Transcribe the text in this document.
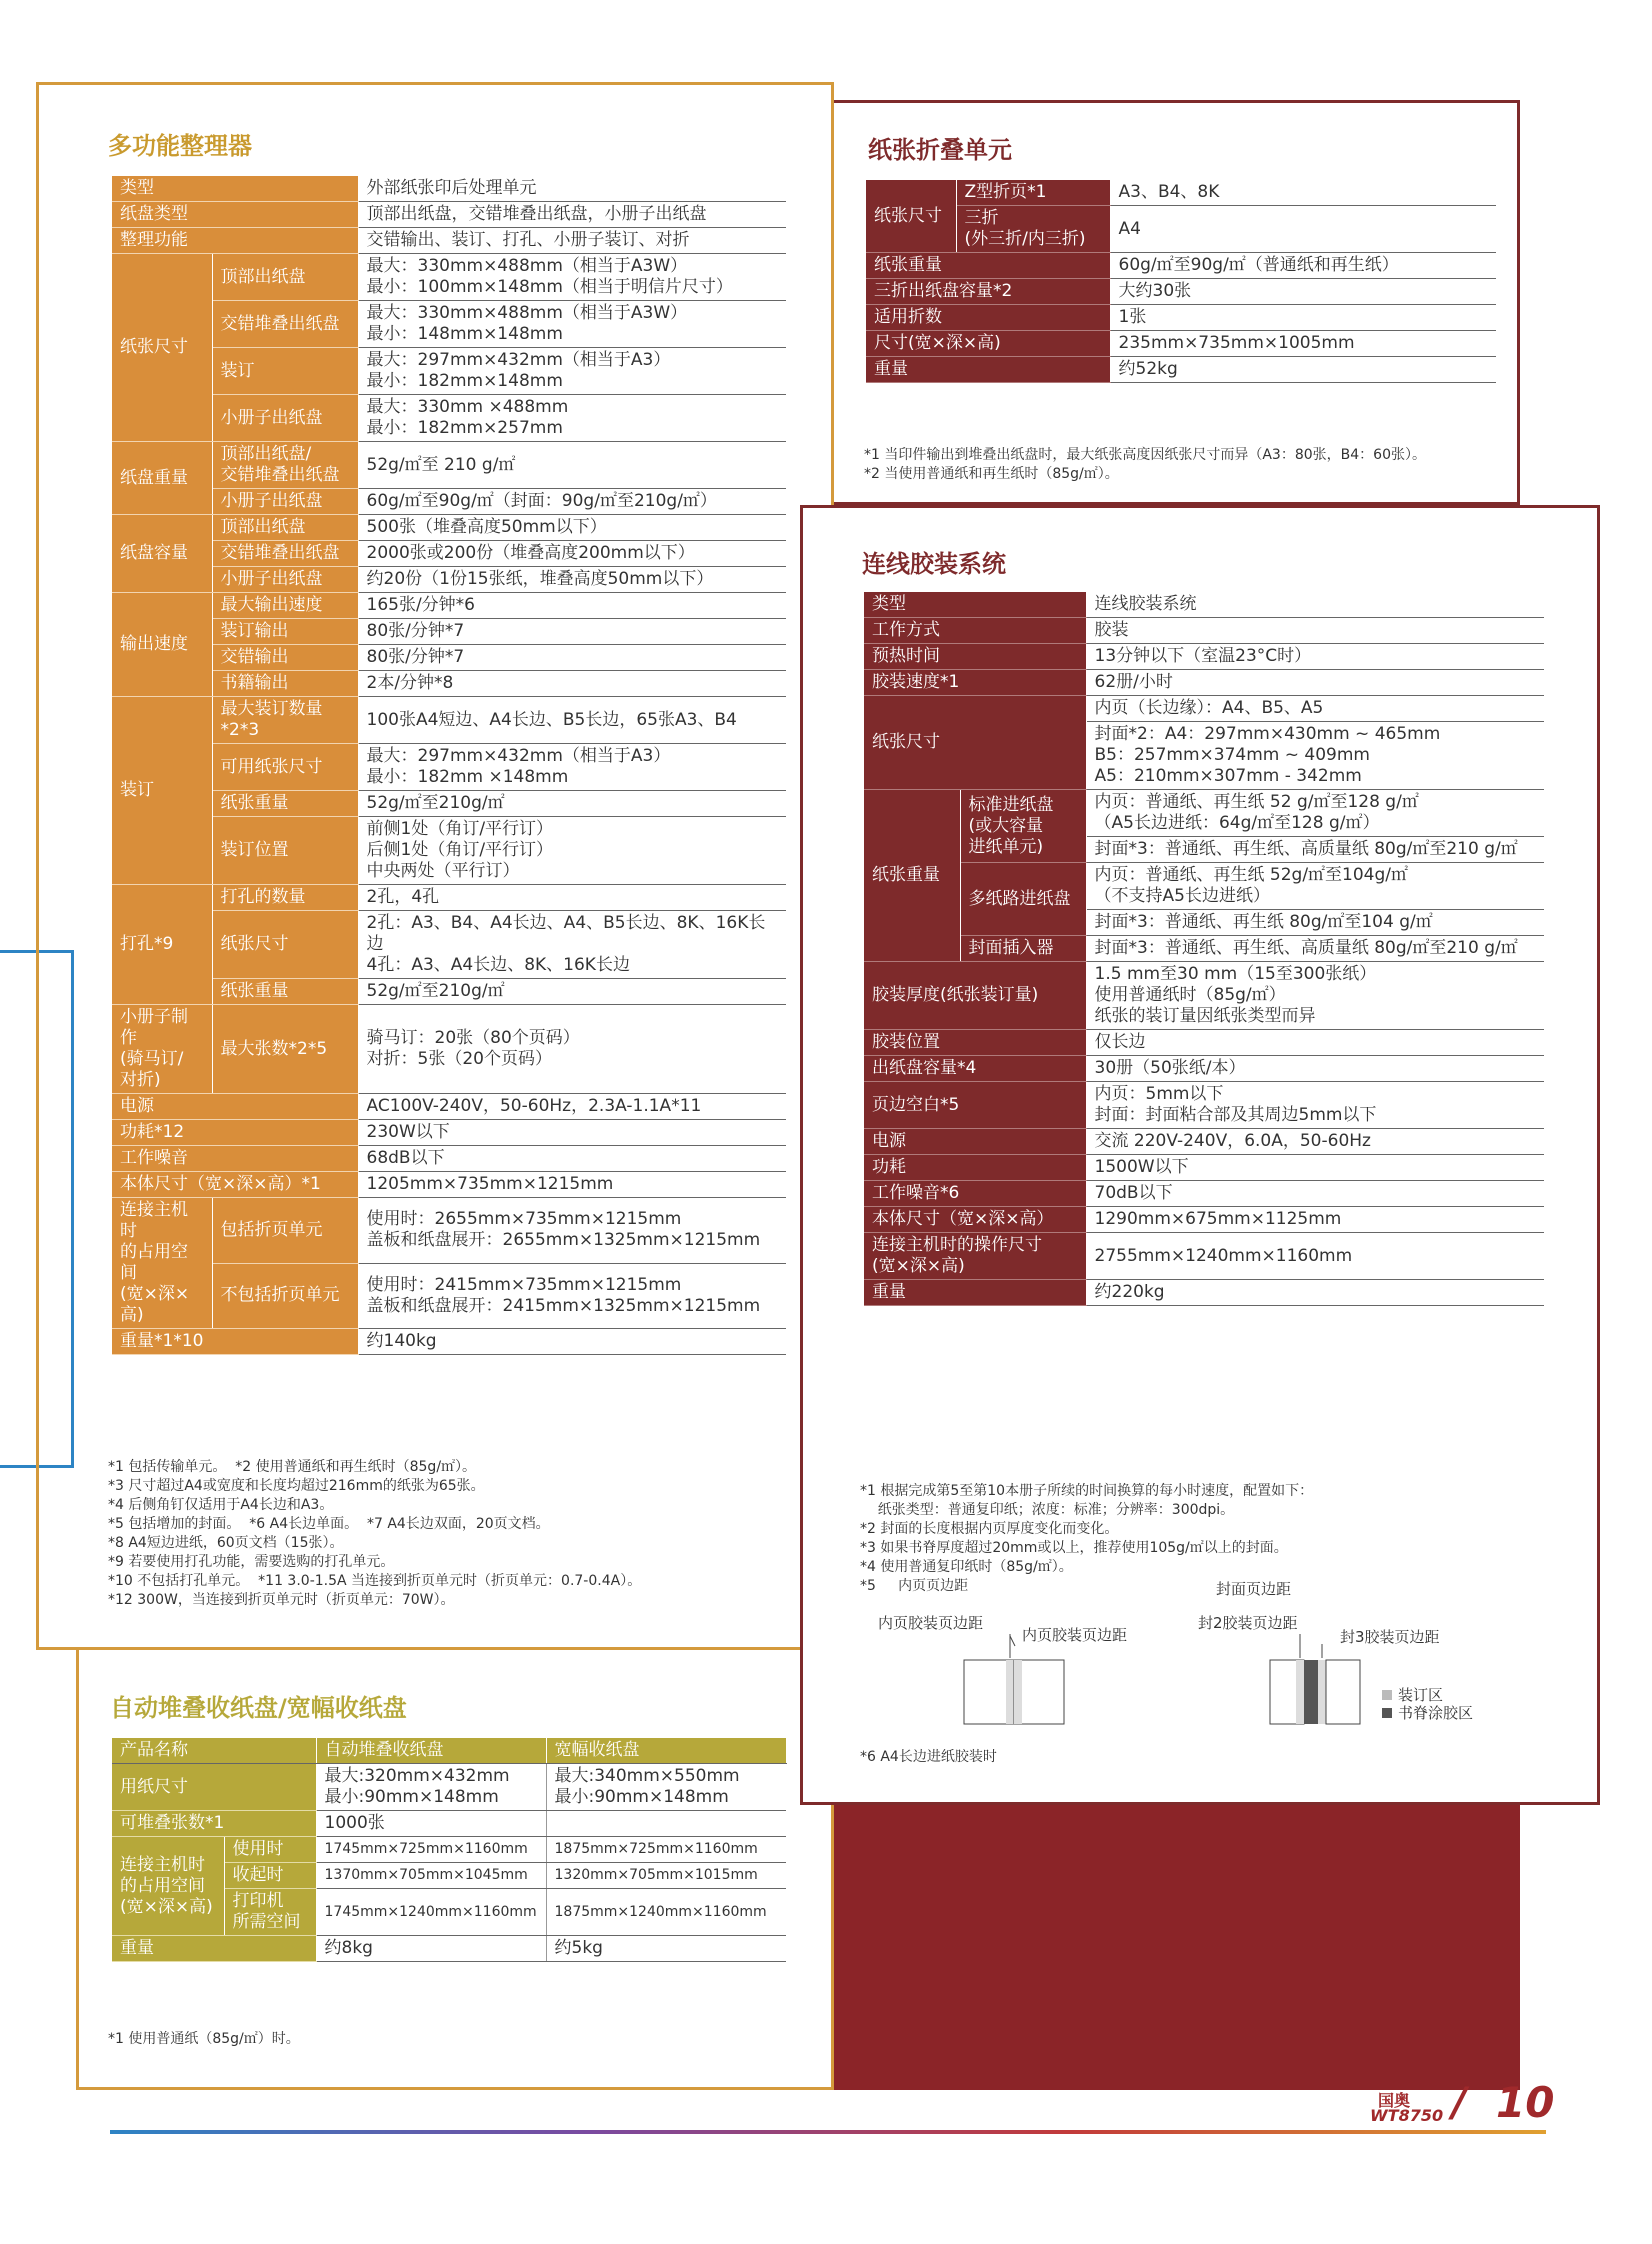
多功能整理器
类型		外部纸张印后处理单元
纸盘类型		顶部出纸盘，交错堆叠出纸盘，小册子出纸盘
整理功能		交错输出、装订、打孔、小册子装订、对折
纸张尺寸	顶部出纸盘	最大：330mm×488mm（相当于A3W）
最小：100mm×148mm（相当于明信片尺寸）
	交错堆叠出纸盘	最大：330mm×488mm（相当于A3W）
最小：148mm×148mm
	装订	最大：297mm×432mm（相当于A3）
最小：182mm×148mm
	小册子出纸盘	最大：330mm ×488mm
最小：182mm×257mm
纸盘重量	顶部出纸盘/
交错堆叠出纸盘	52g/㎡至 210 g/㎡
	小册子出纸盘	60g/㎡至90g/㎡（封面：90g/㎡至210g/㎡）
纸盘容量	顶部出纸盘	500张（堆叠高度50mm以下）
	交错堆叠出纸盘	2000张或200份（堆叠高度200mm以下）
	小册子出纸盘	约20份（1份15张纸，堆叠高度50mm以下）
输出速度	最大输出速度	165张/分钟*6
	装订输出	80张/分钟*7
	交错输出	80张/分钟*7
	书籍输出	2本/分钟*8
装订	最大装订数量*2*3	100张A4短边、A4长边、B5长边，65张A3、B4
	可用纸张尺寸	最大：297mm×432mm（相当于A3）
最小：182mm ×148mm
	纸张重量	52g/㎡至210g/㎡
	装订位置	前侧1处（角订/平行订）
后侧1处（角订/平行订）
中央两处（平行订）
打孔*9	打孔的数量	2孔，4孔
	纸张尺寸	2孔：A3、B4、A4长边、A4、B5长边、8K、16K长边
4孔：A3、A4长边、8K、16K长边
	纸张重量	52g/㎡至210g/㎡
小册子制作
(骑马订/
对折)	最大张数*2*5	骑马订：20张（80个页码）
对折：5张（20个页码）
电源		AC100V-240V，50-60Hz，2.3A-1.1A*11
功耗*12		230W以下
工作噪音		68dB以下
本体尺寸（宽×深×高）*1		1205mm×735mm×1215mm
连接主机时
的占用空间
(宽×深×高)	包括折页单元	使用时：2655mm×735mm×1215mm
盖板和纸盘展开：2655mm×1325mm×1215mm
	不包括折页单元	使用时：2415mm×735mm×1215mm
盖板和纸盘展开：2415mm×1325mm×1215mm
重量*1*10		约140kg
*1 包括传输单元。  *2 使用普通纸和再生纸时（85g/㎡）。
*3 尺寸超过A4或宽度和长度均超过216mm的纸张为65张。
*4 后侧角钉仅适用于A4长边和A3。
*5 包括增加的封面。  *6 A4长边单面。  *7 A4长边双面，20页文档。
*8 A4短边进纸，60页文档（15张）。
*9 若要使用打孔功能，需要选购的打孔单元。
*10 不包括打孔单元。  *11 3.0-1.5A 当连接到折页单元时（折页单元：0.7-0.4A）。
*12 300W，当连接到折页单元时（折页单元：70W）。
纸张折叠单元
纸张尺寸	Z型折页*1	A3、B4、8K
	三折
(外三折/内三折)	A4
纸张重量		60g/㎡至90g/㎡（普通纸和再生纸）
三折出纸盘容量*2		大约30张
适用折数		1张
尺寸(宽×深×高)		235mm×735mm×1005mm
重量		约52kg
*1 当印件输出到堆叠出纸盘时，最大纸张高度因纸张尺寸而异（A3：80张，B4：60张）。
*2 当使用普通纸和再生纸时（85g/㎡）。
连线胶装系统
类型		连线胶装系统
工作方式		胶装
预热时间		13分钟以下（室温23°C时）
胶装速度*1		62册/小时
纸张尺寸		内页（长边缘）：A4、B5、A5
		封面*2：A4：297mm×430mm ~ 465mm
B5：257mm×374mm ~ 409mm
A5：210mm×307mm - 342mm
纸张重量	标准进纸盘
(或大容量
进纸单元)	内页：普通纸、再生纸 52 g/㎡至128 g/㎡
（A5长边进纸：64g/㎡至128 g/㎡）
		封面*3：普通纸、再生纸、高质量纸 80g/㎡至210 g/㎡
	多纸路进纸盘	内页：普通纸、再生纸 52g/㎡至104g/㎡
（不支持A5长边进纸）
		封面*3：普通纸、再生纸 80g/㎡至104 g/㎡
	封面插入器	封面*3：普通纸、再生纸、高质量纸 80g/㎡至210 g/㎡
胶装厚度(纸张装订量)		1.5 mm至30 mm（15至300张纸）
使用普通纸时（85g/㎡）
纸张的装订量因纸张类型而异
胶装位置		仅长边
出纸盘容量*4		30册（50张纸/本）
页边空白*5		内页：5mm以下
封面：封面粘合部及其周边5mm以下
电源		交流 220V-240V，6.0A，50-60Hz
功耗		1500W以下
工作噪音*6		70dB以下
本体尺寸（宽×深×高）		1290mm×675mm×1125mm
连接主机时的操作尺寸
(宽×深×高)		2755mm×1240mm×1160mm
重量		约220kg
*1 根据完成第5至第10本册子所续的时间换算的每小时速度，配置如下：
纸张类型：普通复印纸；浓度：标准；分辨率：300dpi。
*2 封面的长度根据内页厚度变化而变化。
*3 如果书脊厚度超过20mm或以上，推荐使用105g/㎡以上的封面。
*4 使用普通复印纸时（85g/㎡）。
*5     内页页边距	封面页边距
内页胶装页边距
内页胶装页边距
封2胶装页边距
封3胶装页边距
装订区
书脊涂胶区
*6 A4长边进纸胶装时
自动堆叠收纸盘/宽幅收纸盘
产品名称		自动堆叠收纸盘	宽幅收纸盘
用纸尺寸		最大:320mm×432mm
最小:90mm×148mm	最大:340mm×550mm
最小:90mm×148mm
可堆叠张数*1		1000张	
连接主机时
的占用空间
(宽×深×高)	使用时	1745mm×725mm×1160mm	1875mm×725mm×1160mm
	收起时	1370mm×705mm×1045mm	1320mm×705mm×1015mm
	打印机
所需空间	1745mm×1240mm×1160mm	1875mm×1240mm×1160mm
重量		约8kg	约5kg
*1 使用普通纸（85g/㎡）时。
国奥
WT8750 / 10
